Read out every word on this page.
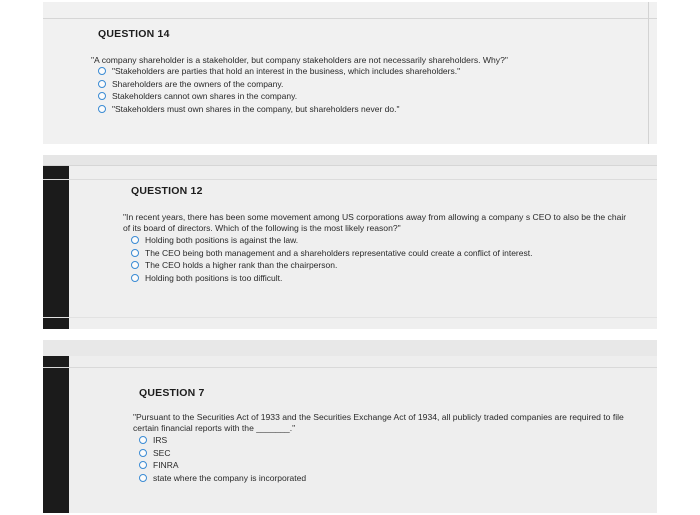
QUESTION 14
"A company shareholder is a stakeholder, but company stakeholders are not necessarily shareholders. Why?"
"Stakeholders are parties that hold an interest in the business, which includes shareholders."
Shareholders are the owners of the company.
Stakeholders cannot own shares in the company.
"Stakeholders must own shares in the company, but shareholders never do."
QUESTION 12
"In recent years, there has been some movement among US corporations away from allowing a company s CEO to also be the chair of its board of directors. Which of the following is the most likely reason?"
Holding both positions is against the law.
The CEO being both management and a shareholders representative could create a conflict of interest.
The CEO holds a higher rank than the chairperson.
Holding both positions is too difficult.
QUESTION 7
"Pursuant to the Securities Act of 1933 and the Securities Exchange Act of 1934, all publicly traded companies are required to file certain financial reports with the _______."
IRS
SEC
FINRA
state where the company is incorporated
